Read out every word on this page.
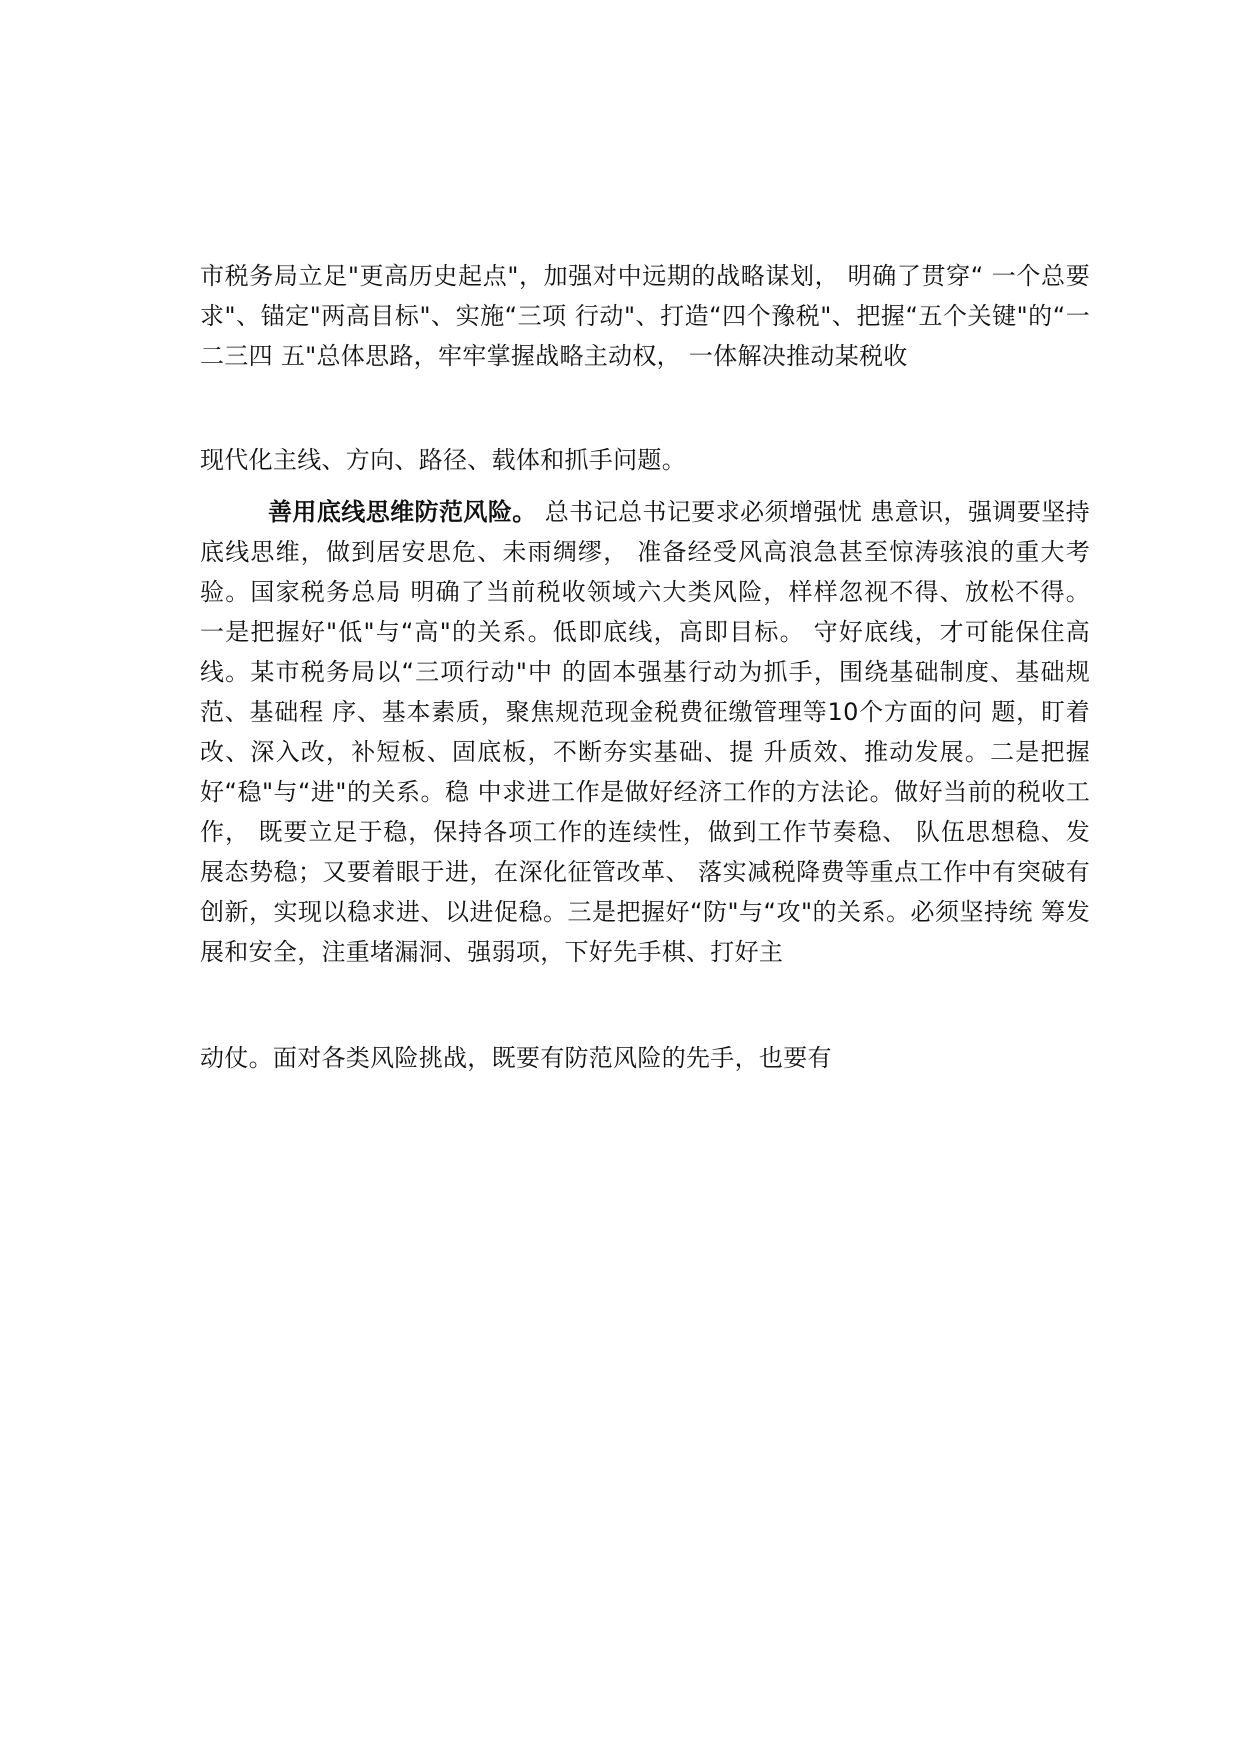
市税务局立足"更高历史起点"，加强对中远期的战略谋划， 明确了贯穿“ 一个总要求"、锚定"两高目标"、实施“三项 行动"、打造“四个豫税"、把握“五个关键"的“一二三四 五"总体思路，牢牢掌握战略主动权， 一体解决推动某税收

现代化主线、方向、路径、载体和抓手问题。

善用底线思维防范风险。 总书记总书记要求必须增强忧 患意识，强调要坚持底线思维，做到居安思危、未雨绸缪， 准备经受风高浪急甚至惊涛骇浪的重大考验。国家税务总局 明确了当前税收领域六大类风险，样样忽视不得、放松不得。 一是把握好"低"与“高"的关系。低即底线，高即目标。 守好底线，才可能保住高线。某市税务局以“三项行动"中 的固本强基行动为抓手，围绕基础制度、基础规范、基础程 序、基本素质，聚焦规范现金税费征缴管理等10个方面的问 题，盯着改、深入改，补短板、固底板，不断夯实基础、提 升质效、推动发展。二是把握好“稳"与“进"的关系。稳 中求进工作是做好经济工作的方法论。做好当前的税收工作， 既要立足于稳，保持各项工作的连续性，做到工作节奏稳、 队伍思想稳、发展态势稳；又要着眼于进，在深化征管改革、 落实减税降费等重点工作中有突破有创新，实现以稳求进、以进促稳。三是把握好“防"与“攻"的关系。必须坚持统 筹发展和安全，注重堵漏洞、强弱项，下好先手棋、打好主

动仗。面对各类风险挑战，既要有防范风险的先手，也要有
